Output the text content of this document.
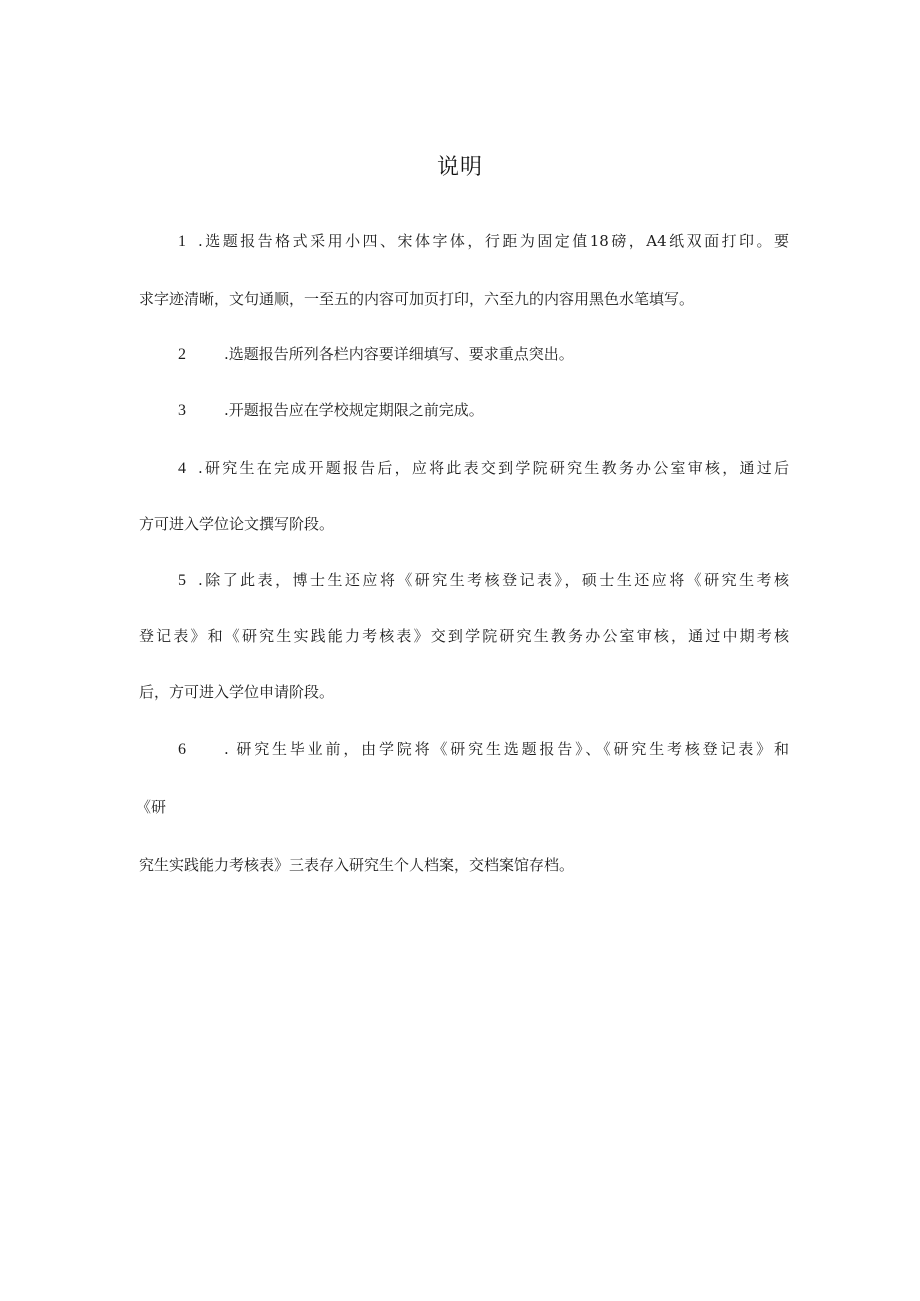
说明
1 .选题报告格式采用小四、宋体字体，行距为固定值18磅，A4纸双面打印。要
求字迹清晰，文句通顺，一至五的内容可加页打印，六至九的内容用黑色水笔填写。
2	.选题报告所列各栏内容要详细填写、要求重点突出。
3	.开题报告应在学校规定期限之前完成。
4 .研究生在完成开题报告后，应将此表交到学院研究生教务办公室审核，通过后
方可进入学位论文撰写阶段。
5 .除了此表，博士生还应将《研究生考核登记表》，硕士生还应将《研究生考核
登记表》和《研究生实践能力考核表》交到学院研究生教务办公室审核，通过中期考核
后，方可进入学位申请阶段。
6	. 研究生毕业前，由学院将《研究生选题报告》、《研究生考核登记表》和
《研
究生实践能力考核表》三表存入研究生个人档案，交档案馆存档。
